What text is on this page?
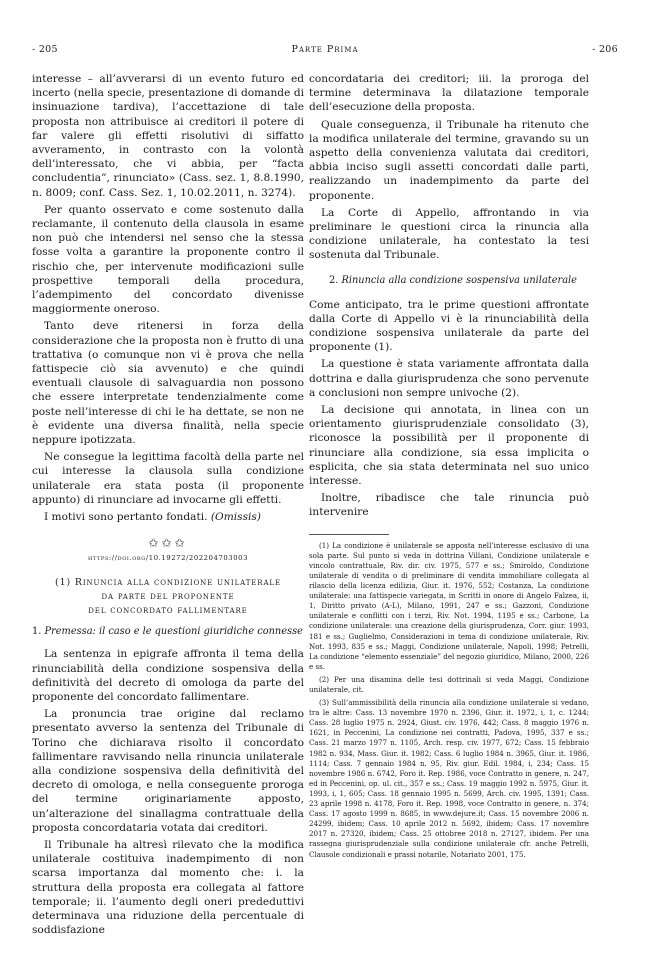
- 205	Parte Prima	- 206

interesse – all’avverarsi di un evento futuro ed incerto (nella specie, presentazione di domande di insinuazione tardiva), l’accettazione di tale proposta non attribuisce ai creditori il potere di far valere gli effetti risolutivi di siffatto avveramento, in contrasto con la volontà dell’interessato, che vi abbia, per “facta concludentia”, rinunciato» (Cass. sez. 1, 8.8.1990, n. 8009; conf. Cass. Sez. 1, 10.02.2011, n. 3274).

Per quanto osservato e come sostenuto dalla reclamante, il contenuto della clausola in esame non può che intendersi nel senso che la stessa fosse volta a garantire la proponente contro il rischio che, per intervenute modificazioni sulle prospettive temporali della procedura, l’adempimento del concordato divenisse maggiormente oneroso.

Tanto deve ritenersi in forza della considerazione che la proposta non è frutto di una trattativa (o comunque non vi è prova che nella fattispecie ciò sia avvenuto) e che quindi eventuali clausole di salvaguardia non possono che essere interpretate tendenzialmente come poste nell’interesse di chi le ha dettate, se non ne è evidente una diversa finalità, nella specie neppure ipotizzata.

Ne consegue la legittima facoltà della parte nel cui interesse la clausola sulla condizione unilaterale era stata posta (il proponente appunto) di rinunciare ad invocarne gli effetti.

I motivi sono pertanto fondati. (Omissis)

✩✩✩
https://doi.org/10.19272/202204703003
(1) Rinuncia alla condizione unilaterale
da parte del proponente
del concordato fallimentare
1. Premessa: il caso e le questioni giuridiche connesse

La sentenza in epigrafe affronta il tema della rinunciabilità della condizione sospensiva della definitività del decreto di omologa da parte del proponente del concordato fallimentare.

La pronuncia trae origine dal reclamo presentato avverso la sentenza del Tribunale di Torino che dichiarava risolto il concordato fallimentare ravvisando nella rinuncia unilaterale alla condizione sospensiva della definitività del decreto di omologa, e nella conseguente proroga del termine originariamente apposto, un’alterazione del sinallagma contrattuale della proposta concordataria votata dai creditori.

Il Tribunale ha altresì rilevato che la modifica unilaterale costituiva inadempimento di non scarsa importanza dal momento che: i. la struttura della proposta era collegata al fattore temporale; ii. l’aumento degli oneri prededuttivi determinava una riduzione della percentuale di soddisfazione

concordataria dei creditori; iii. la proroga del termine determinava la dilatazione temporale dell’esecuzione della proposta.

Quale conseguenza, il Tribunale ha ritenuto che la modifica unilaterale del termine, gravando su un aspetto della convenienza valutata dai creditori, abbia inciso sugli assetti concordati dalle parti, realizzando un inadempimento da parte del proponente.

La Corte di Appello, affrontando in via preliminare le questioni circa la rinuncia alla condizione unilaterale, ha contestato la tesi sostenuta dal Tribunale.

2. Rinuncia alla condizione sospensiva unilaterale

Come anticipato, tra le prime questioni affrontate dalla Corte di Appello vi è la rinunciabilità della condizione sospensiva unilaterale da parte del proponente (1).

La questione è stata variamente affrontata dalla dottrina e dalla giurisprudenza che sono pervenute a conclusioni non sempre univoche (2).

La decisione qui annotata, in linea con un orientamento giurisprudenziale consolidato (3), riconosce la possibilità per il proponente di rinunciare alla condizione, sia essa implicita o esplicita, che sia stata determinata nel suo unico interesse.

Inoltre, ribadisce che tale rinuncia può intervenire

(1) La condizione è unilaterale se apposta nell’interesse esclusivo di una sola parte. Sul punto si veda in dottrina Villani, Condizione unilaterale e vincolo contrattuale, Riv. dir. civ. 1975, 577 e ss.; Smiroldo, Condizione unilaterale di vendita o di preliminare di vendita immobiliare collegata al rilascio della licenza edilizia, Giur. it. 1976, 552; Costanza, La condizione unilaterale: una fattispecie variegata, in Scritti in onore di Angelo Falzea, ii, 1, Diritto privato (A-L), Milano, 1991, 247 e ss.; Gazzoni, Condizione unilaterale e conflitti con i terzi, Riv. Not. 1994, 1195 e ss.; Carbone, La condizione unilaterale: una creazione della giurisprudenza, Corr. giur. 1993, 181 e ss.; Guglielmo, Considerazioni in tema di condizione unilaterale, Riv. Not. 1993, 835 e ss.; Maggi, Condizione unilaterale, Napoli, 1998; Petrelli, La condizione “elemento essenziale” del negozio giuridico, Milano, 2000, 226 e ss.

(2) Per una disamina delle tesi dottrinali si veda Maggi, Condizione unilaterale, cit.

(3) Sull’ammissibilità della rinuncia alla condizione unilaterale si vedano, tra le altre: Cass. 13 novembre 1970 n. 2396, Giur. it. 1972, i, 1, c. 1244; Cass. 28 luglio 1975 n. 2924, Giust. civ. 1976, 442; Cass. 8 maggio 1976 n. 1621, in Peccenini, La condizione nei contratti, Padova, 1995, 337 e ss.; Cass. 21 marzo 1977 n. 1105, Arch. resp. civ. 1977, 672; Cass. 15 febbraio 1982 n. 934, Mass. Giur. it. 1982; Cass. 6 luglio 1984 n. 3965, Giur. it. 1986, 1114; Cass. 7 gennaio 1984 n. 95, Riv. giur. Edil. 1984, i, 234; Cass. 15 novembre 1986 n. 6742, Foro it. Rep. 1986, voce Contratto in genere, n. 247, ed in Peccenini, op. ul. cit., 357 e ss.; Cass. 19 maggio 1992 n. 5975, Giur. it. 1993, i, 1, 605; Cass. 18 gennaio 1995 n. 5699, Arch. civ. 1995, 1391; Cass. 23 aprile 1998 n. 4178, Foro it. Rep. 1998, voce Contratto in genere, n. 374; Cass. 17 agosto 1999 n. 8685, in www.dejure.it; Cass. 15 novembre 2006 n. 24299, ibidem; Cass. 10 aprile 2012 n. 5692, ibidem; Cass. 17 novembre 2017 n. 27320, ibidem; Cass. 25 ottobree 2018 n. 27127, ibidem. Per una rassegna giurisprudenziale sulla condizione unilaterale cfr. anche Petrelli, Clausole condizionali e prassi notarile, Notariato 2001, 175.
